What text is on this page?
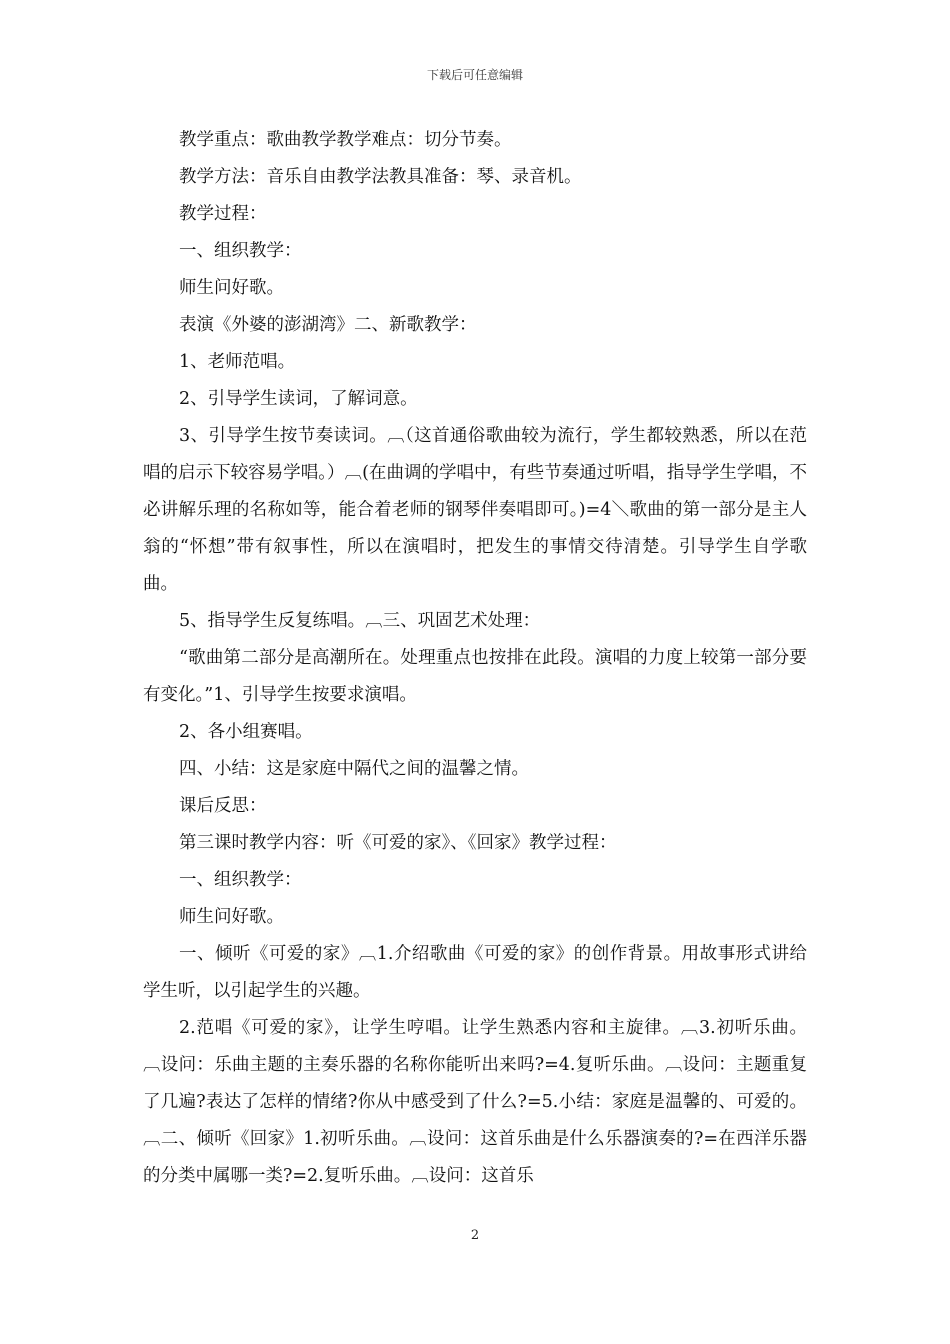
下载后可任意编辑

教学重点：歌曲教学教学难点：切分节奏。

教学方法：音乐自由教学法教具准备：琴、录音机。

教学过程：

一、组织教学：

师生问好歌。

表演《外婆的澎湖湾》二、新歌教学：

1、老师范唱。

2、引导学生读词，了解词意。

3、引导学生按节奏读词。︹（这首通俗歌曲较为流行，学生都较熟悉，所以在范唱的启示下较容易学唱。）︹(在曲调的学唱中，有些节奏通过听唱，指导学生学唱，不必讲解乐理的名称如等，能合着老师的钢琴伴奏唱即可。)=4＼歌曲的第一部分是主人翁的“怀想”带有叙事性，所以在演唱时，把发生的事情交待清楚。引导学生自学歌曲。

5、指导学生反复练唱。︹三、巩固艺术处理：

“歌曲第二部分是高潮所在。处理重点也按排在此段。演唱的力度上较第一部分要有变化。”1、引导学生按要求演唱。

2、各小组赛唱。

四、小结：这是家庭中隔代之间的温馨之情。

课后反思：

第三课时教学内容：听《可爱的家》、《回家》教学过程：

一、组织教学：

师生问好歌。

一、倾听《可爱的家》︹1.介绍歌曲《可爱的家》的创作背景。用故事形式讲给学生听，以引起学生的兴趣。

2.范唱《可爱的家》，让学生哼唱。让学生熟悉内容和主旋律。︹3.初听乐曲。︹设问：乐曲主题的主奏乐器的名称你能听出来吗?=4.复听乐曲。︹设问：主题重复了几遍?表达了怎样的情绪?你从中感受到了什么?=5.小结：家庭是温馨的、可爱的。︹二、倾听《回家》1.初听乐曲。︹设问：这首乐曲是什么乐器演奏的?=在西洋乐器的分类中属哪一类?=2.复听乐曲。︹设问：这首乐

2
